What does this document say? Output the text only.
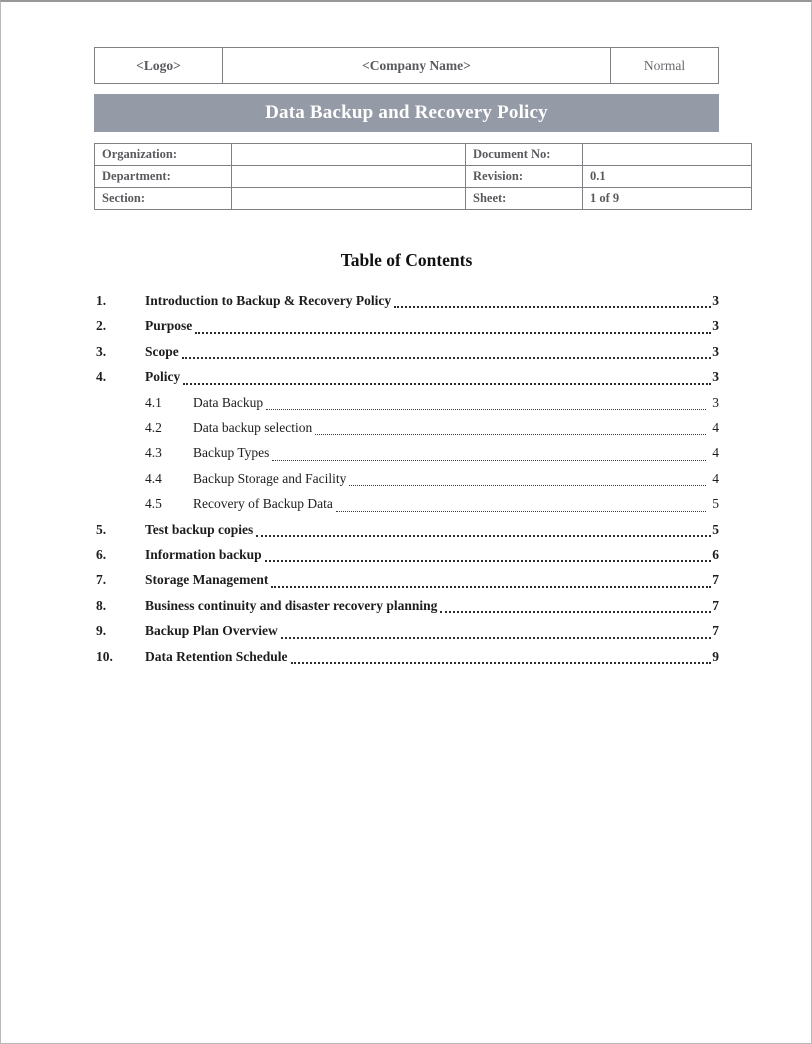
<Logo>	<Company Name>	Normal
Data Backup and Recovery Policy
Organization:		Document No:	
Department:		Revision:	0.1
Section:		Sheet:	1 of 9
Table of Contents
1.	Introduction to Backup & Recovery Policy	3
2.	Purpose	3
3.	Scope	3
4.	Policy	3
4.1	Data Backup	3
4.2	Data backup selection	4
4.3	Backup Types	4
4.4	Backup Storage and Facility	4
4.5	Recovery of Backup Data	5
5.	Test backup copies	5
6.	Information backup	6
7.	Storage Management	7
8.	Business continuity and disaster recovery planning	7
9.	Backup Plan Overview	7
10.	Data Retention Schedule	9
